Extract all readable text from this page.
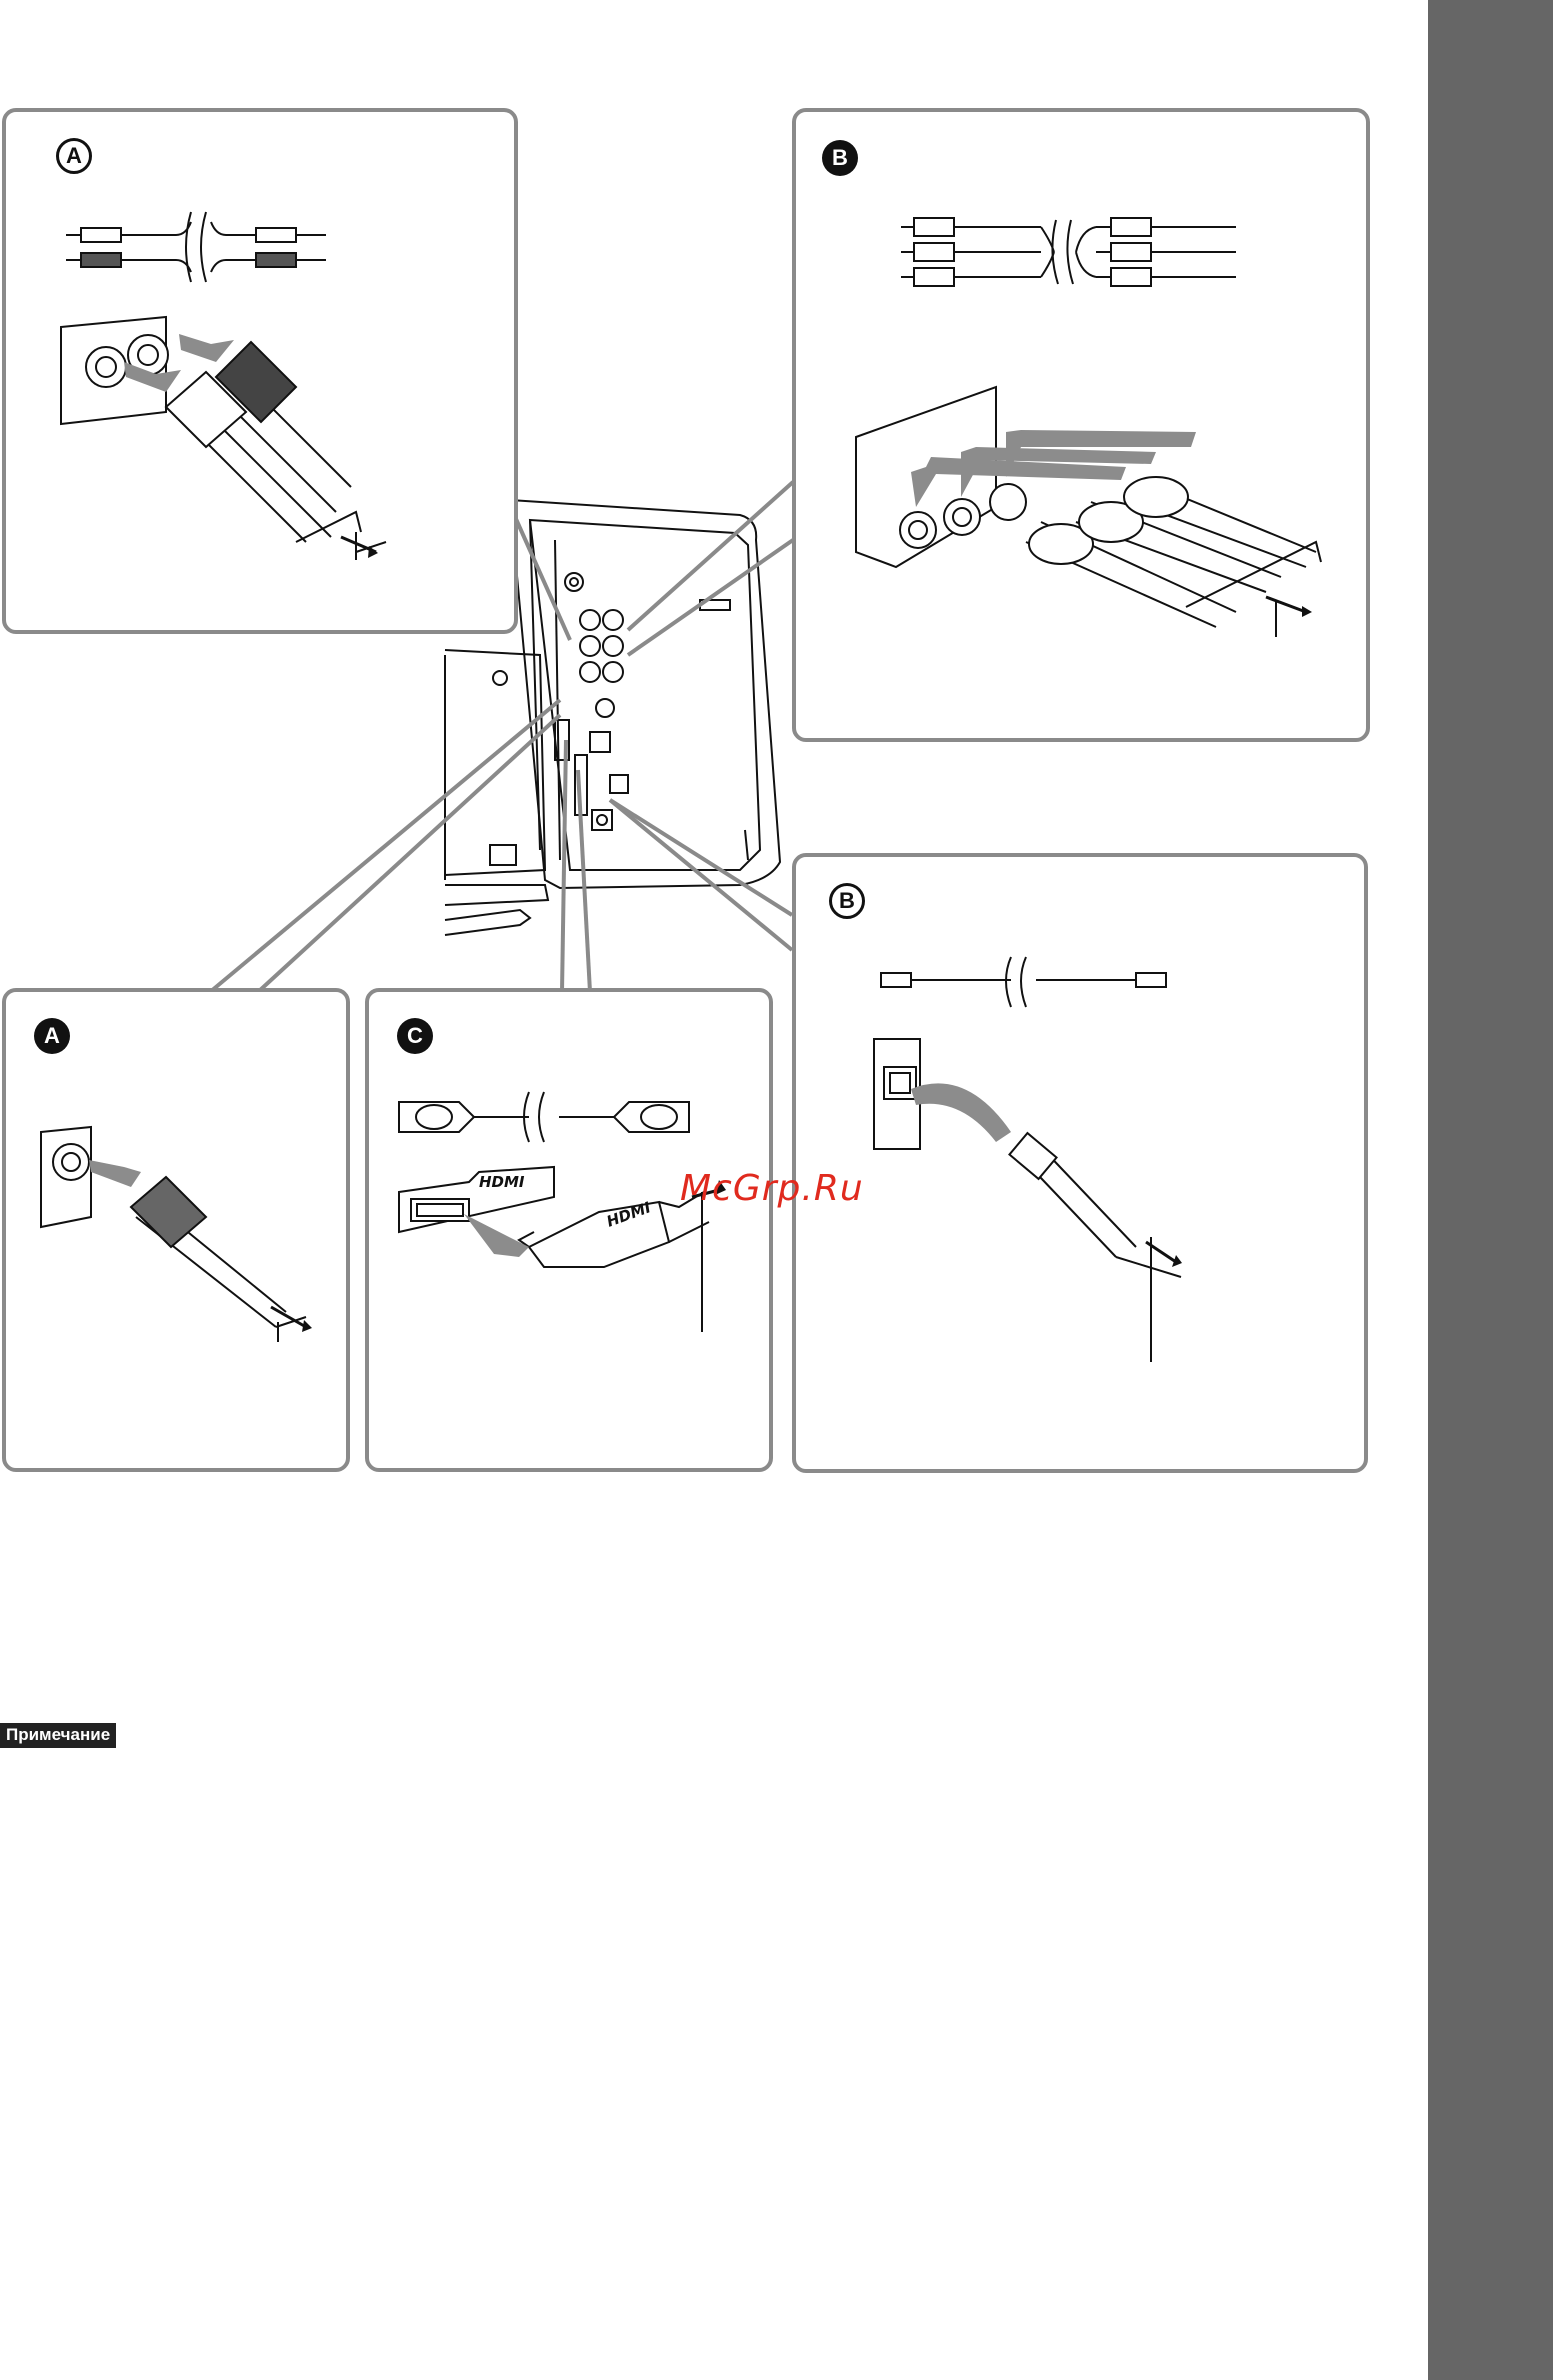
A	B
B
A	C
HDMI
HDMI
McGrp.Ru
Примечание
